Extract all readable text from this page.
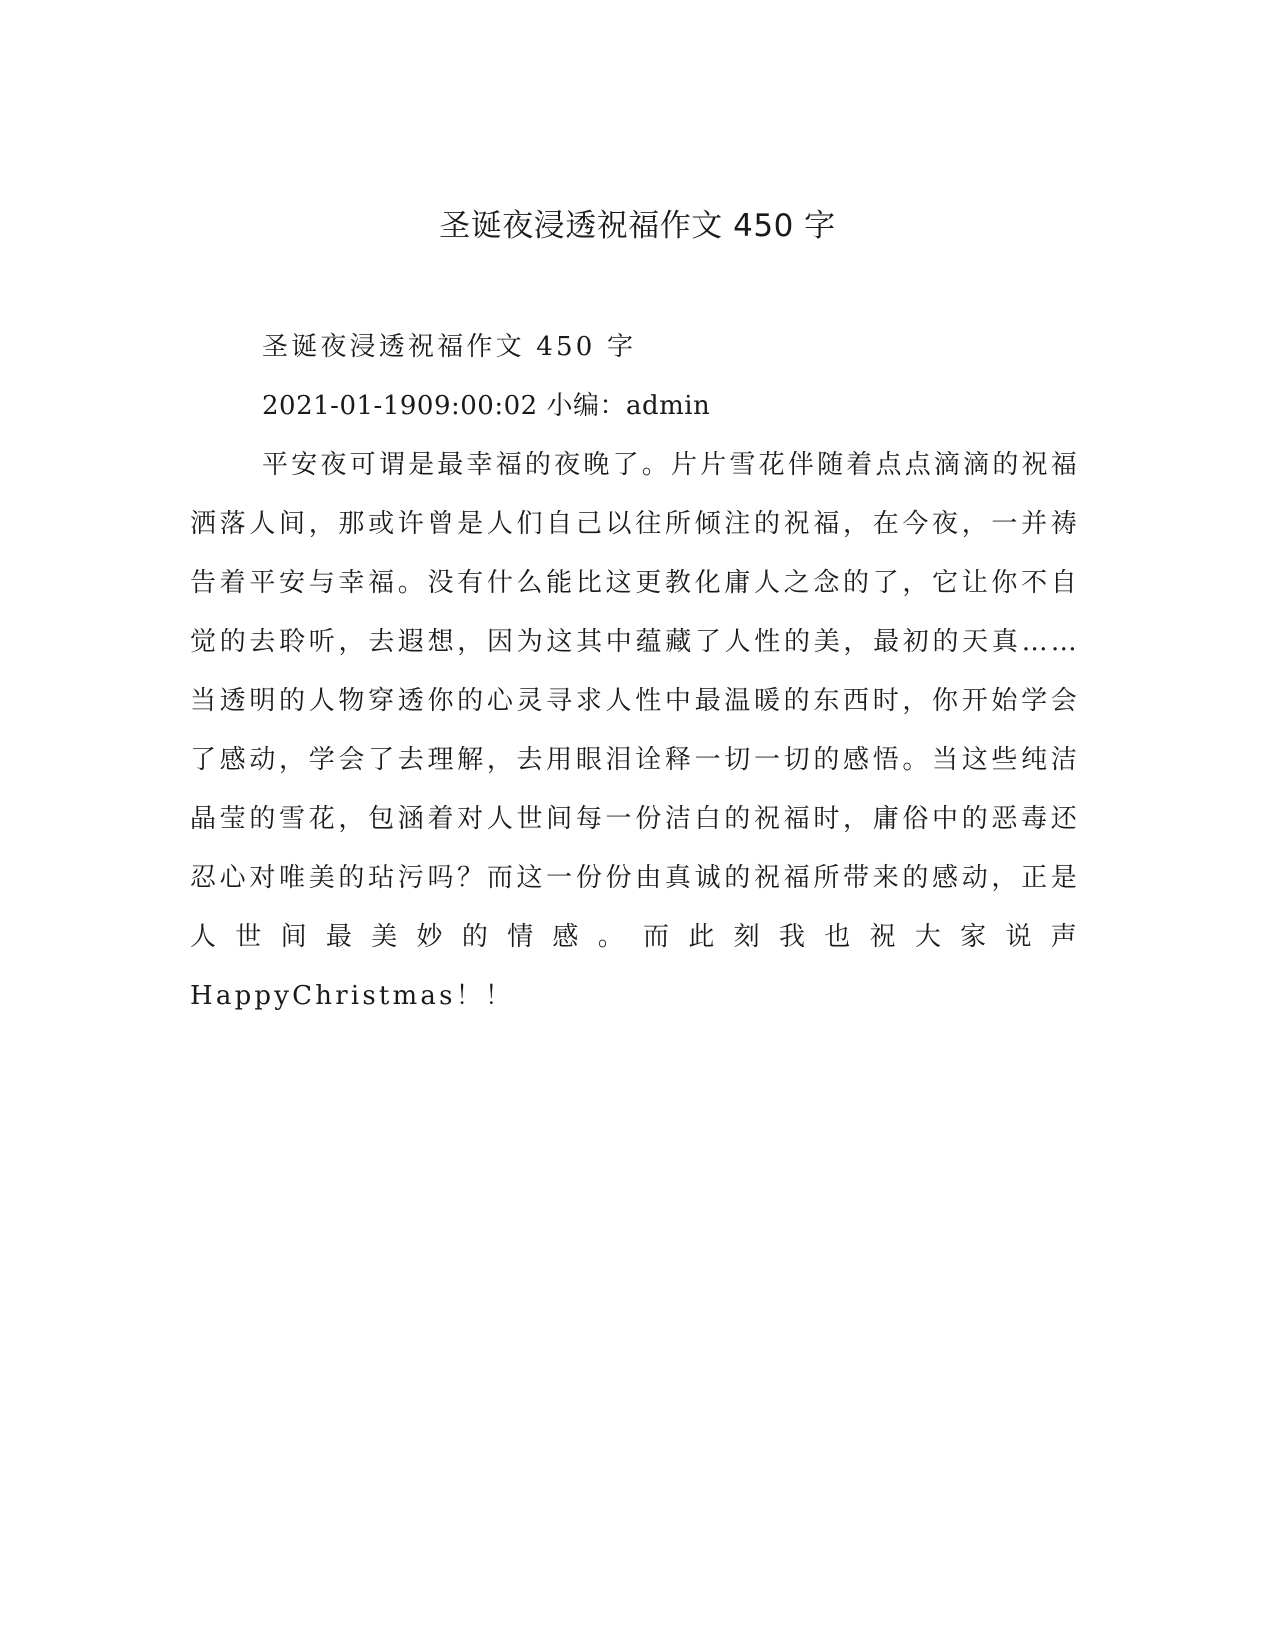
圣诞夜浸透祝福作文 450 字

圣诞夜浸透祝福作文 450 字

2021-01-1909:00:02 小编：admin

平安夜可谓是最幸福的夜晚了。片片雪花伴随着点点滴滴的祝福洒落人间，那或许曾是人们自己以往所倾注的祝福，在今夜，一并祷告着平安与幸福。没有什么能比这更教化庸人之念的了，它让你不自觉的去聆听，去遐想，因为这其中蕴藏了人性的美，最初的天真……当透明的人物穿透你的心灵寻求人性中最温暖的东西时，你开始学会了感动，学会了去理解，去用眼泪诠释一切一切的感悟。当这些纯洁晶莹的雪花，包涵着对人世间每一份洁白的祝福时，庸俗中的恶毒还忍心对唯美的玷污吗？而这一份份由真诚的祝福所带来的感动，正是人世间最美妙的情感。而此刻我也祝大家说声 HappyChristmas！！
